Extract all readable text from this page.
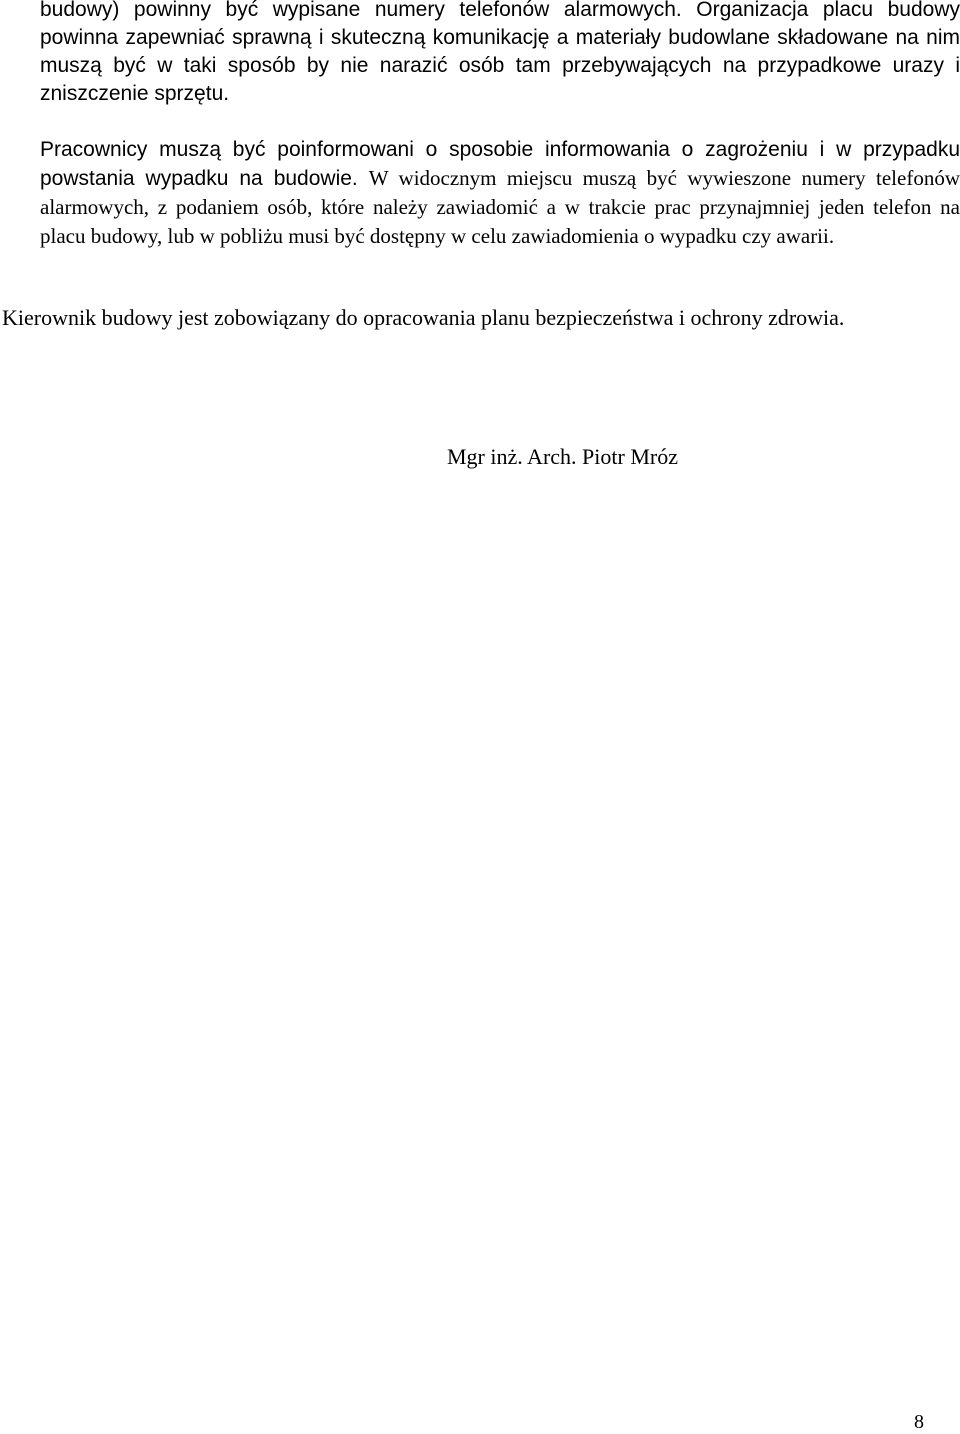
budowy) powinny być wypisane numery telefonów alarmowych. Organizacja placu budowy powinna zapewniać sprawną i skuteczną komunikację a materiały budowlane składowane na nim muszą być w taki sposób by nie narazić osób tam przebywających na przypadkowe urazy i zniszczenie sprzętu.

Pracownicy muszą być poinformowani o sposobie informowania o zagrożeniu i w przypadku powstania wypadku na budowie. W widocznym miejscu muszą być wywieszone numery telefonów alarmowych, z podaniem osób, które należy zawiadomić a w trakcie prac przynajmniej jeden telefon na placu budowy, lub w pobliżu musi być dostępny w celu zawiadomienia o wypadku czy awarii.

Kierownik budowy jest zobowiązany do opracowania planu bezpieczeństwa i ochrony zdrowia.

Mgr inż. Arch. Piotr Mróz

8
